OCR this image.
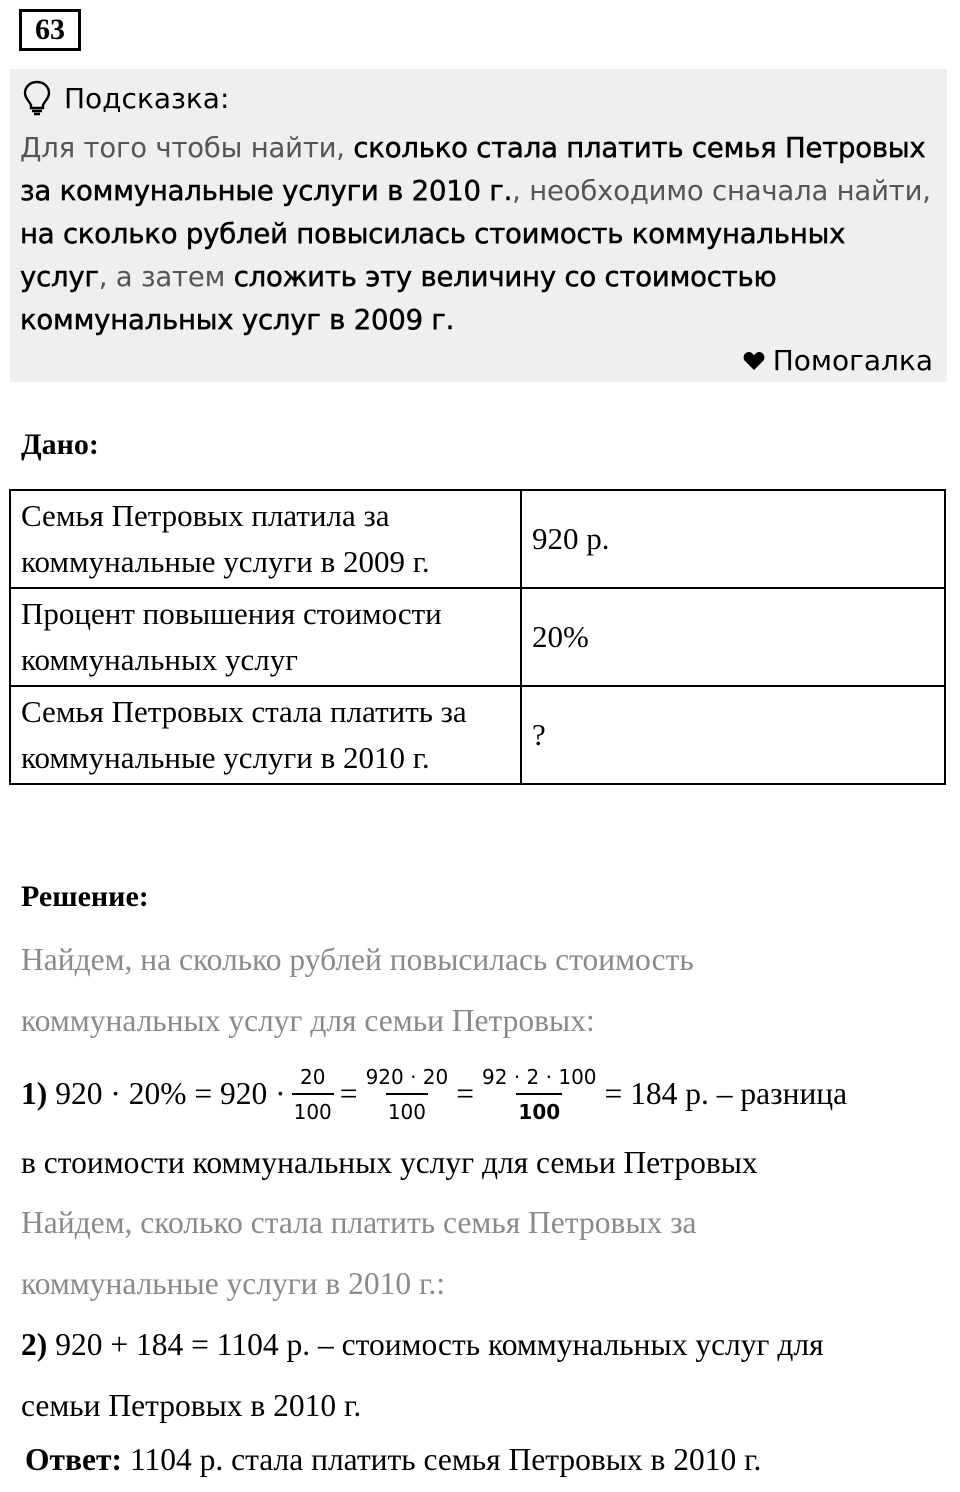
63
Подсказка:
Для того чтобы найти, сколько стала платить семья Петровых за коммунальные услуги в 2010 г., необходимо сначала найти, на сколько рублей повысилась стоимость коммунальных услуг, а затем сложить эту величину со стоимостью коммунальных услуг в 2009 г.
Помогалка
Дано:
Семья Петровых платила за коммунальные услуги в 2009 г.	920 р.
Процент повышения стоимости коммунальных услуг	20%
Семья Петровых стала платить за коммунальные услуги в 2010 г.	?
Решение:
Найдем, на сколько рублей повысилась стоимость
коммунальных услуг для семьи Петровых:
1) $920 \cdot 20\% = 920 \cdot \frac{20}{100} = \frac{920 \cdot 20}{100} = \frac{92 \cdot 2 \cdot 100}{100} = 184$ р. – разница
в стоимости коммунальных услуг для семьи Петровых
Найдем, сколько стала платить семья Петровых за
коммунальные услуги в 2010 г.:
2) 920 + 184 = 1104 р. – стоимость коммунальных услуг для
семьи Петровых в 2010 г.
Ответ: 1104 р. стала платить семья Петровых в 2010 г.
